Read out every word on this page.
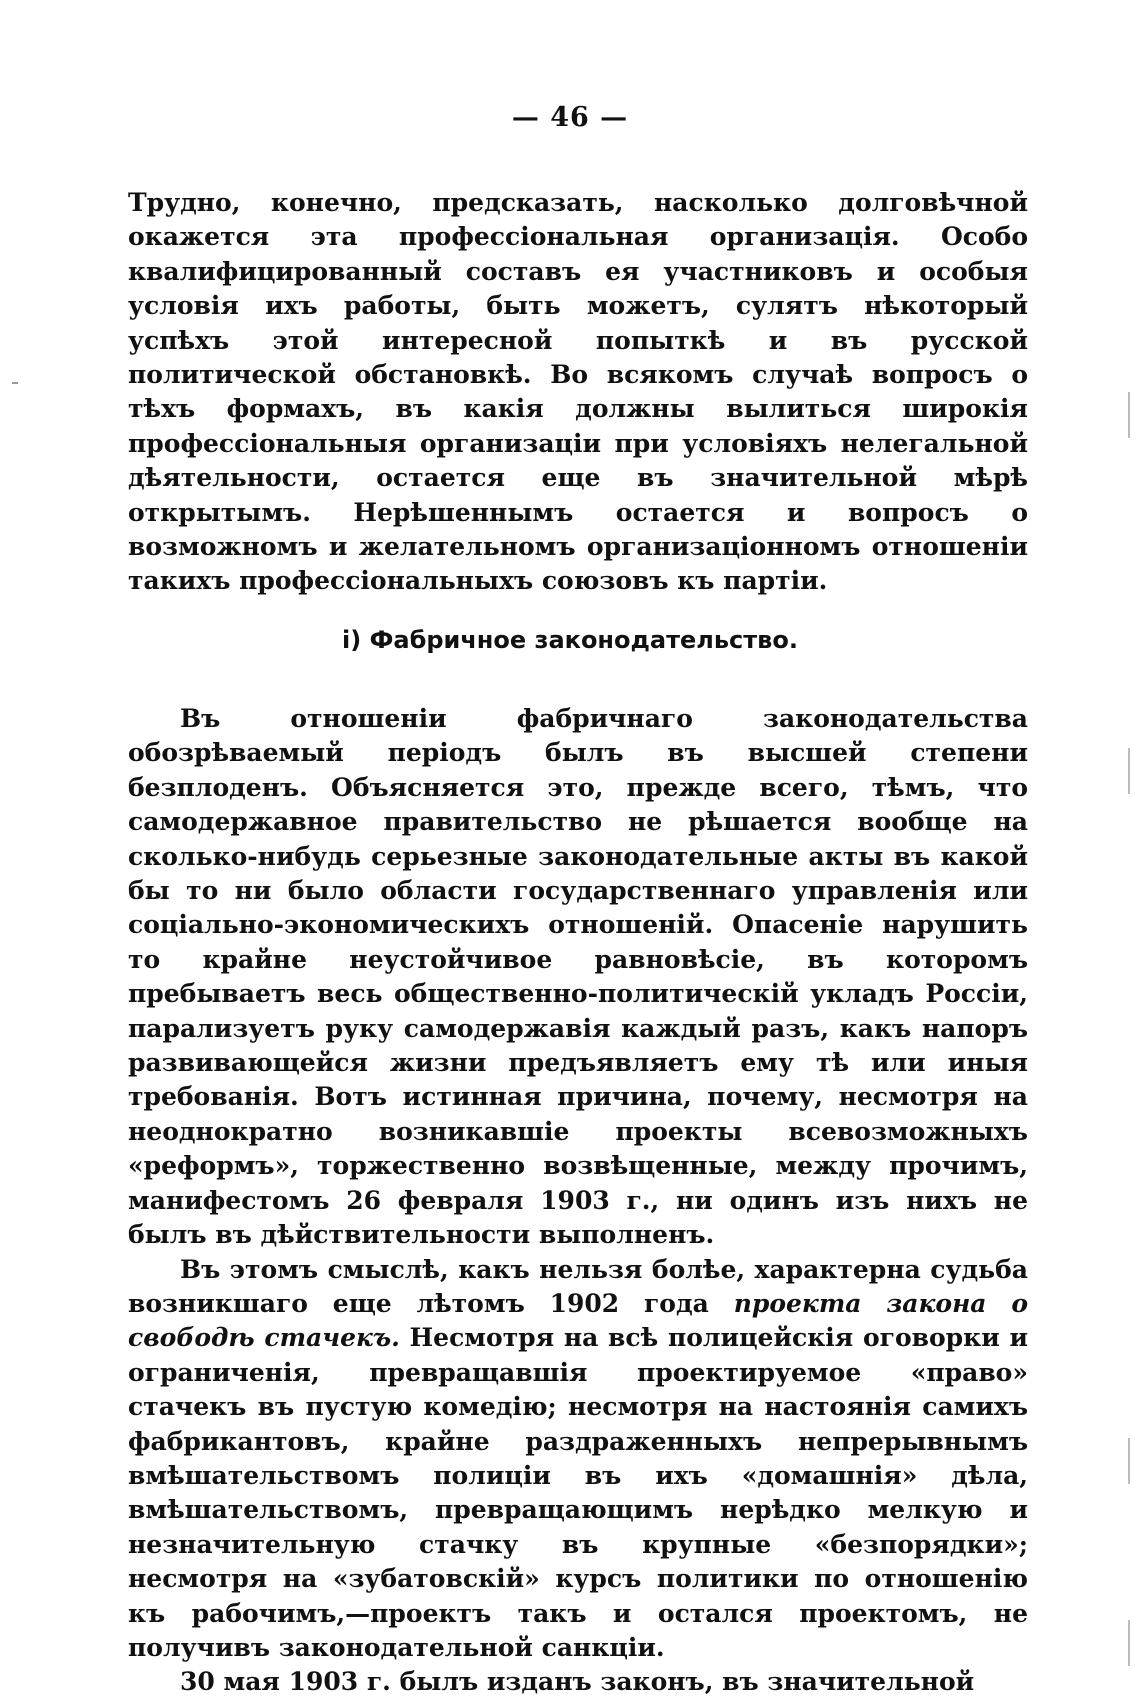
— 46 —

Трудно, конечно, предсказать, насколько долговѣчной окажется эта профессіональная организація. Особо квалифицированный составъ ея участниковъ и особыя условія ихъ работы, быть можетъ, сулятъ нѣкоторый успѣхъ этой интересной попыткѣ и въ русской политической обстановкѣ. Во всякомъ случаѣ вопросъ о тѣхъ формахъ, въ какія должны вылиться широкія профессіональныя организаціи при условіяхъ нелегальной дѣятельности, остается еще въ значительной мѣрѣ открытымъ. Нерѣшеннымъ остается и вопросъ о возможномъ и желательномъ организаціонномъ отношеніи такихъ профессіональныхъ союзовъ къ партіи.

i) Фабричное законодательство.

Въ отношеніи фабричнаго законодательства обозрѣваемый періодъ былъ въ высшей степени безплоденъ. Объясняется это, прежде всего, тѣмъ, что самодержавное правительство не рѣшается вообще на сколько-нибудь серьезные законодательные акты въ какой бы то ни было области государственнаго управленія или соціально-экономическихъ отношеній. Опасеніе нарушить то крайне неустойчивое равновѣсіе, въ которомъ пребываетъ весь общественно-политическій укладъ Россіи, парализуетъ руку самодержавія каждый разъ, какъ напоръ развивающейся жизни предъявляетъ ему тѣ или иныя требованія. Вотъ истинная причина, почему, несмотря на неоднократно возникавшіе проекты всевозможныхъ «реформъ», торжественно возвѣщенные, между прочимъ, манифестомъ 26 февраля 1903 г., ни одинъ изъ нихъ не былъ въ дѣйствительности выполненъ.

Въ этомъ смыслѣ, какъ нельзя болѣе, характерна судьба возникшаго еще лѣтомъ 1902 года проекта закона о свободѣ стачекъ. Несмотря на всѣ полицейскія оговорки и ограниченія, превращавшія проектируемое «право» стачекъ въ пустую комедію; несмотря на настоянія самихъ фабрикантовъ, крайне раздраженныхъ непрерывнымъ вмѣшательствомъ полиціи въ ихъ «домашнія» дѣла, вмѣшательствомъ, превращающимъ нерѣдко мелкую и незначительную стачку въ крупные «безпорядки»; несмотря на «зубатовскій» курсъ политики по отношенію къ рабочимъ,—проектъ такъ и остался проектомъ, не получивъ законодательной санкціи.

30 мая 1903 г. былъ изданъ законъ, въ значительной
